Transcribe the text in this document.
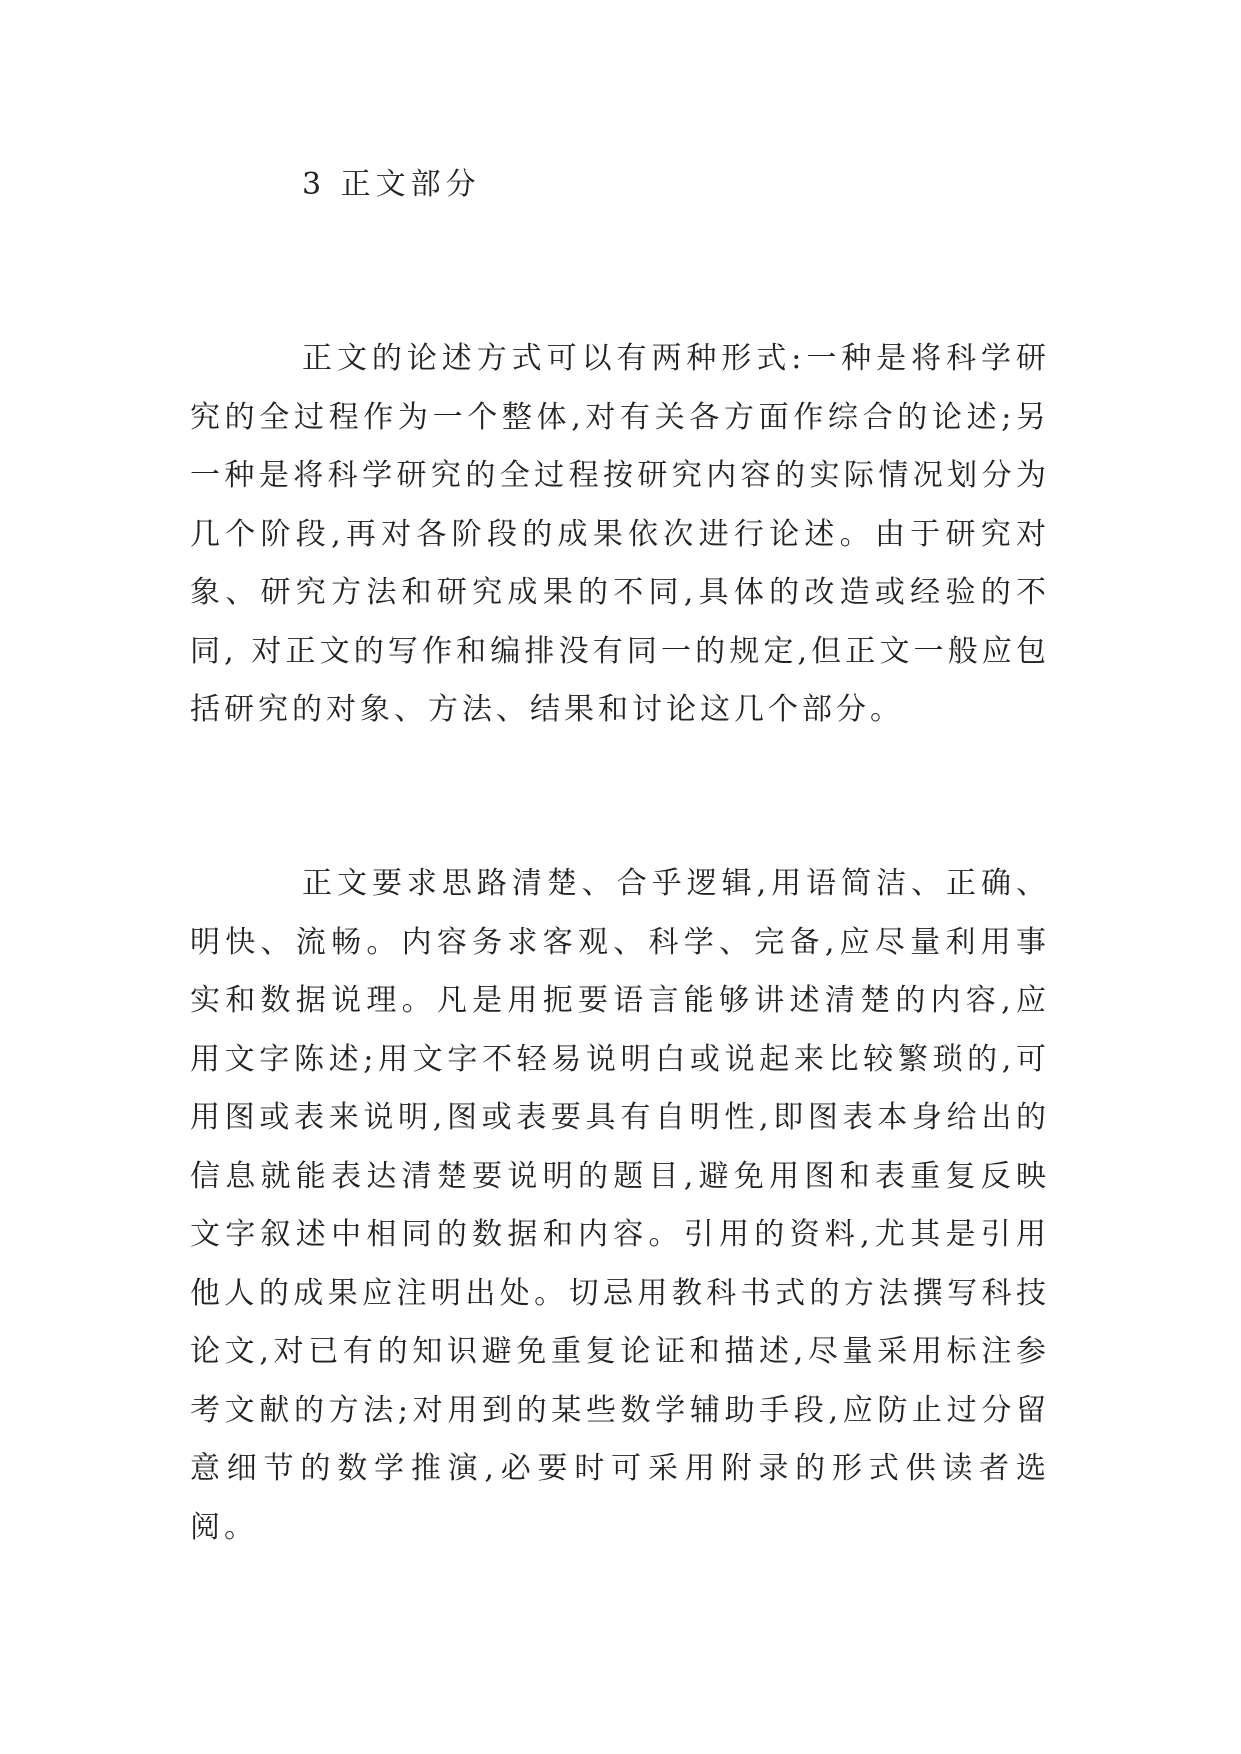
3 正文部分

正文的论述方式可以有两种形式:一种是将科学研究的全过程作为一个整体,对有关各方面作综合的论述;另一种是将科学研究的全过程按研究内容的实际情况划分为几个阶段,再对各阶段的成果依次进行论述。由于研究对象、研究方法和研究成果的不同,具体的改造或经验的不同, 对正文的写作和编排没有同一的规定,但正文一般应包括研究的对象、方法、结果和讨论这几个部分。

正文要求思路清楚、合乎逻辑,用语简洁、正确、明快、流畅。内容务求客观、科学、完备,应尽量利用事实和数据说理。凡是用扼要语言能够讲述清楚的内容,应用文字陈述;用文字不轻易说明白或说起来比较繁琐的,可用图或表来说明,图或表要具有自明性,即图表本身给出的信息就能表达清楚要说明的题目,避免用图和表重复反映文字叙述中相同的数据和内容。引用的资料,尤其是引用他人的成果应注明出处。切忌用教科书式的方法撰写科技论文,对已有的知识避免重复论证和描述,尽量采用标注参考文献的方法;对用到的某些数学辅助手段,应防止过分留意细节的数学推演,必要时可采用附录的形式供读者选阅。
